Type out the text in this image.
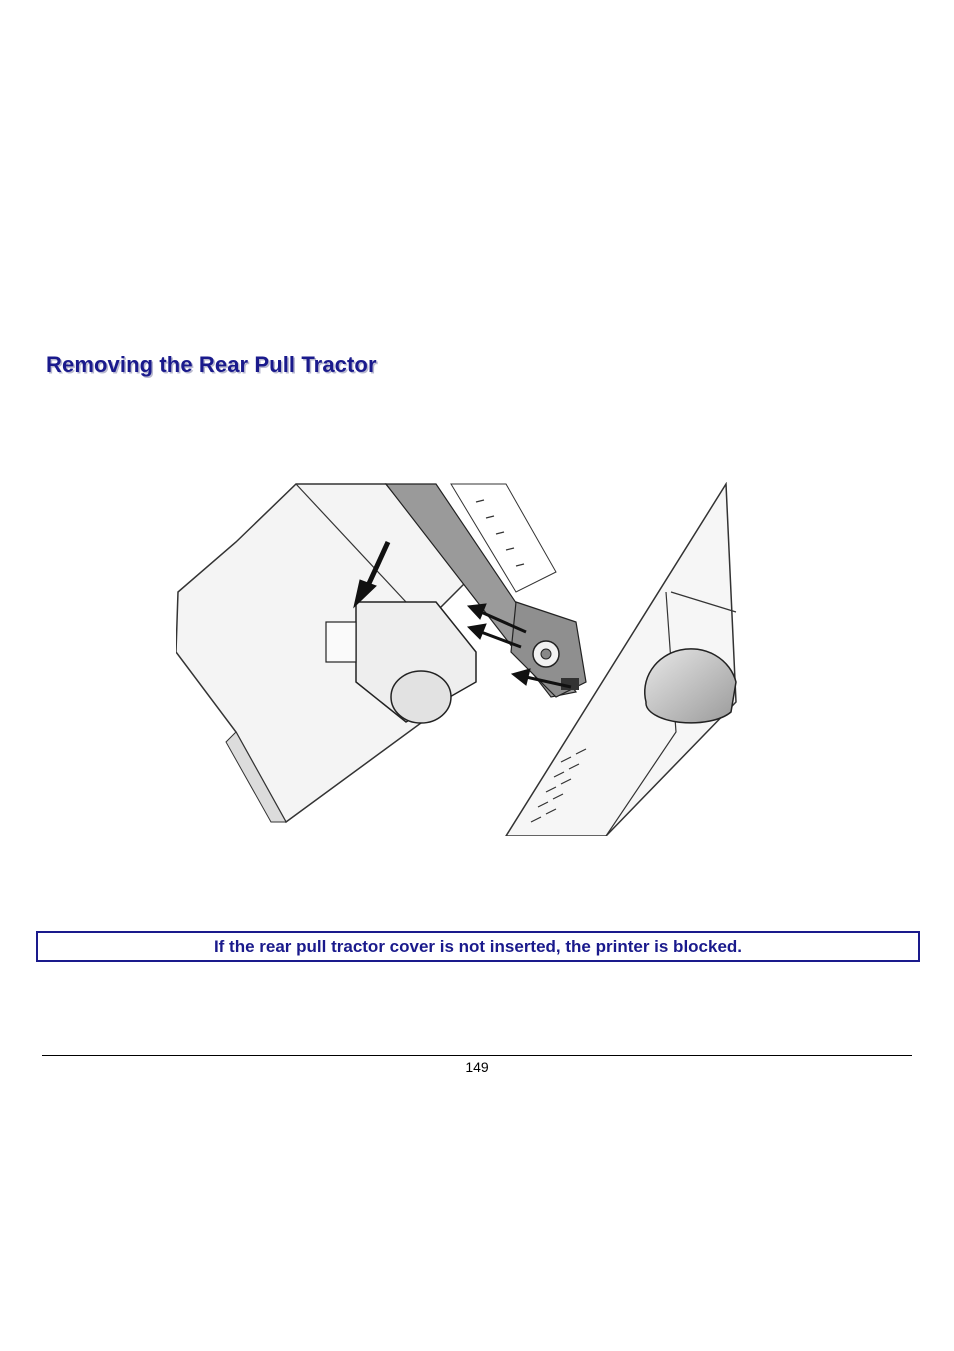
Removing the Rear Pull Tractor
If the rear pull tractor cover is not inserted, the printer is blocked.
149
